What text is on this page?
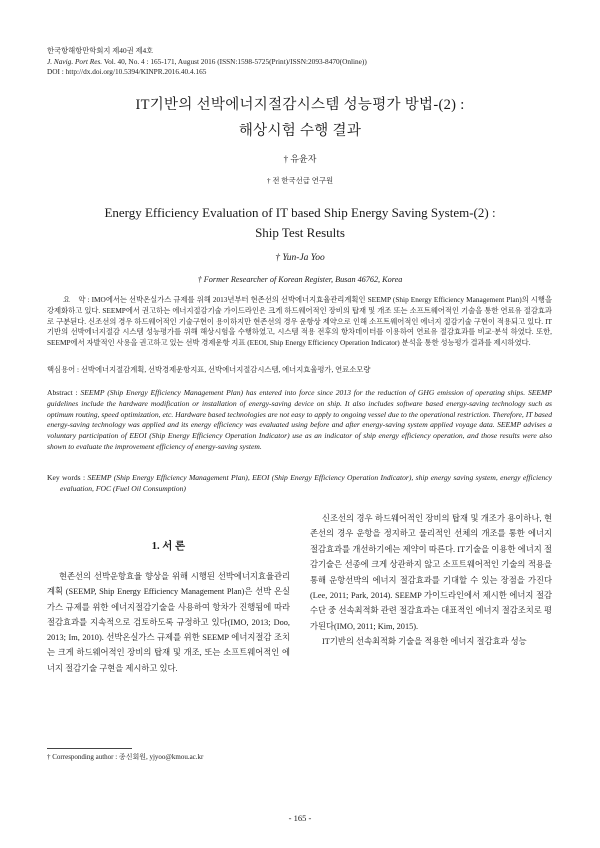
한국항해항만학회지 제40권 제4호
J. Navig. Port Res. Vol. 40, No. 4 : 165-171, August 2016 (ISSN:1598-5725(Print)/ISSN:2093-8470(Online))
DOI : http://dx.doi.org/10.5394/KINPR.2016.40.4.165
IT기반의 선박에너지절감시스템 성능평가 방법-(2) :
해상시험 수행 결과
† 유윤자
† 전 한국선급 연구원
Energy Efficiency Evaluation of IT based Ship Energy Saving System-(2) :
Ship Test Results
† Yun-Ja Yoo
† Former Researcher of Korean Register, Busan 46762, Korea

요    약 : IMO에서는 선박온실가스 규제를 위해 2013년부터 현존선의 선박에너지효율관리계획인 SEEMP (Ship Energy Efficiency Management Plan)의 시행을 강제화하고 있다. SEEMP에서 권고하는 에너지절감기술 가이드라인은 크게 하드웨어적인 장비의 탑재 및 개조 또는 소프트웨어적인 기술을 통한 연료유 절감효과로 구분된다. 신조선의 경우 하드웨어적인 기술구현이 용이하지만 현존선의 경우 운항상 제약으로 인해 소프트웨어적인 에너지 절감기술 구현이 적용되고 있다. IT기반의 선박에너지절감 시스템 성능평가를 위해 해상시험을 수행하였고, 시스템 적용 전후의 항차데이터를 이용하여 연료유 절감효과를 비교·분석 하였다. 또한, SEEMP에서 자발적인 사용을 권고하고 있는 선박 경제운항 지표 (EEOI, Ship Energy Efficiency Operation Indicator) 분석을 통한 성능평가 결과를 제시하였다.

핵심용어 : 선박에너지절감계획, 선박경제운항지표, 선박에너지절감시스템, 에너지효율평가, 연료소모량

Abstract : SEEMP (Ship Energy Efficiency Management Plan) has entered into force since 2013 for the reduction of GHG emission of operating ships. SEEMP guidelines include the hardware modification or installation of energy-saving device on ship. It also includes software based energy-saving technology such as optimum routing, speed optimization, etc. Hardware based technologies are not easy to apply to ongoing vessel due to the operational restriction. Therefore, IT based energy-saving technology was applied and its energy efficiency was evaluated using before and after energy-saving system applied voyage data. SEEMP advises a voluntary participation of EEOI (Ship Energy Efficiency Operation Indicator) use as an indicator of ship energy efficiency operation, and those results were also shown to evaluate the improvement efficiency of energy-saving system.

Key words : SEEMP (Ship Energy Efficiency Management Plan), EEOI (Ship Energy Efficiency Operation Indicator), ship energy saving system, energy efficiency evaluation, FOC (Fuel Oil Consumption)

1. 서 론

현존선의 선박운항효율 향상을 위해 시행된 선박에너지효율관리계획 (SEEMP, Ship Energy Efficiency Management Plan)은 선박 온실가스 규제를 위한 에너지절감기술을 사용하여 항차가 진행됨에 따라 절감효과를 지속적으로 검토하도록 규정하고 있다(IMO, 2013; Doo, 2013; Im, 2010). 선박온실가스 규제를 위한 SEEMP 에너지절감 조치는 크게 하드웨어적인 장비의 탑재 및 개조, 또는 소프트웨어적인 에너지 절감기술 구현을 제시하고 있다.

신조선의 경우 하드웨어적인 장비의 탑재 및 개조가 용이하나, 현존선의 경우 운항을 정지하고 물리적인 선체의 개조를 통한 에너지 절감효과를 개선하기에는 제약이 따른다. IT기술을 이용한 에너지 절감기술은 선종에 크게 상관하지 않고 소프트웨어적인 기술의 적용을 통해 운항선박의 에너지 절감효과를 기대할 수 있는 장점을 가진다(Lee, 2011; Park, 2014). SEEMP 가이드라인에서 제시한 에너지 절감수단 중 선속최적화 관련 절감효과는 대표적인 에너지 절감조치로 평가된다(IMO, 2011; Kim, 2015).

IT기반의 선속최적화 기술을 적용한 에너지 절감효과 성능

† Corresponding author : 종신회원, yjyoo@kmou.ac.kr
- 165 -
